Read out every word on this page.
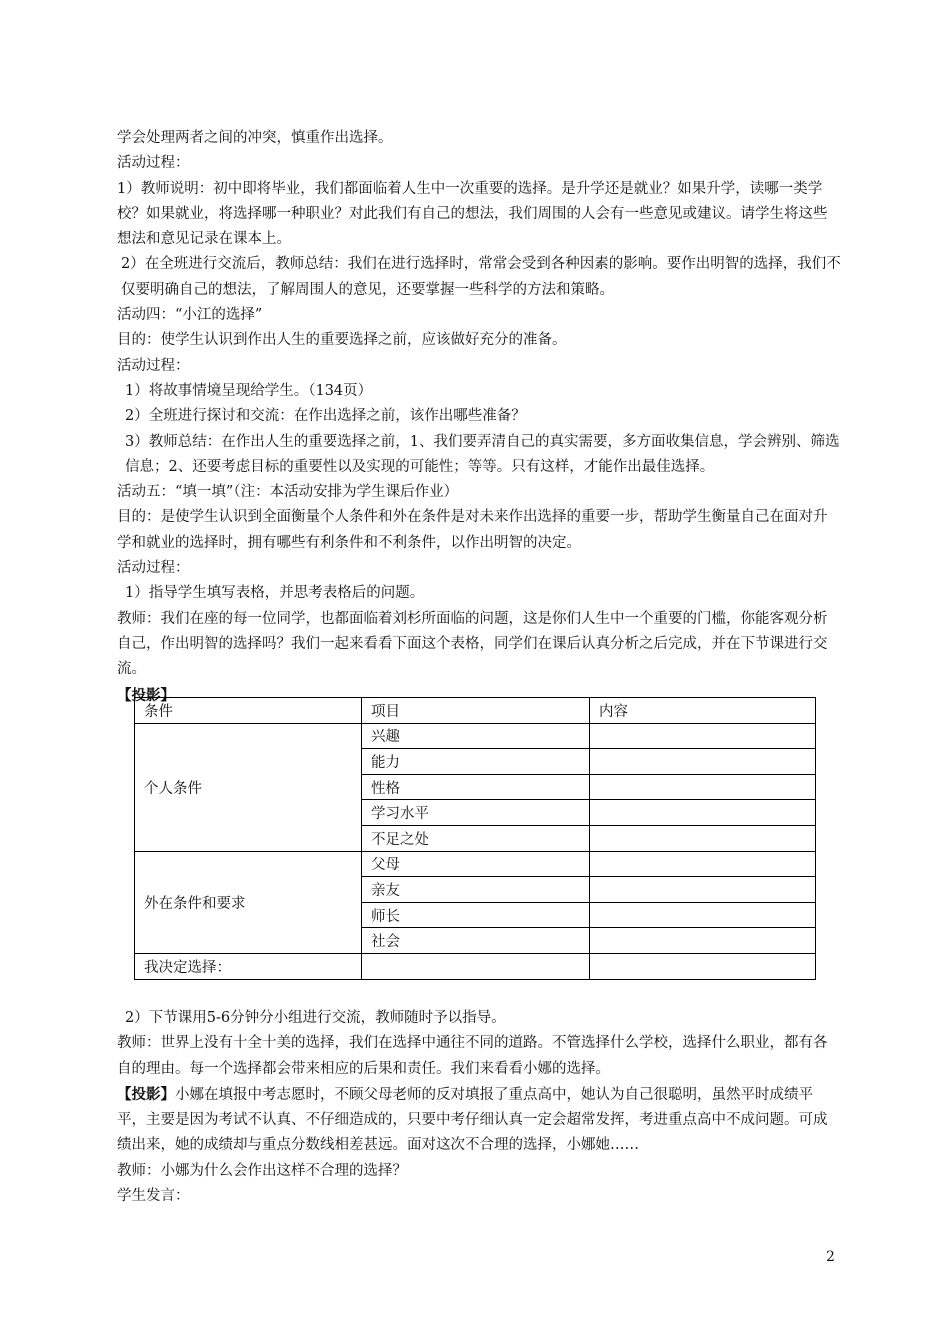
学会处理两者之间的冲突，慎重作出选择。

活动过程：

1）教师说明：初中即将毕业，我们都面临着人生中一次重要的选择。是升学还是就业？如果升学，读哪一类学校？如果就业，将选择哪一种职业？对此我们有自己的想法，我们周围的人会有一些意见或建议。请学生将这些想法和意见记录在课本上。

2）在全班进行交流后，教师总结：我们在进行选择时，常常会受到各种因素的影响。要作出明智的选择，我们不仅要明确自己的想法，了解周围人的意见，还要掌握一些科学的方法和策略。

活动四：“小江的选择”

目的：使学生认识到作出人生的重要选择之前，应该做好充分的准备。

活动过程：

1）将故事情境呈现给学生。（134页）

2）全班进行探讨和交流：在作出选择之前，该作出哪些准备？

3）教师总结：在作出人生的重要选择之前，1、我们要弄清自己的真实需要，多方面收集信息，学会辨别、筛选信息；2、还要考虑目标的重要性以及实现的可能性；等等。只有这样，才能作出最佳选择。

活动五：“填一填”（注：本活动安排为学生课后作业）

目的：是使学生认识到全面衡量个人条件和外在条件是对未来作出选择的重要一步，帮助学生衡量自己在面对升学和就业的选择时，拥有哪些有利条件和不利条件，以作出明智的决定。

活动过程：

1）指导学生填写表格，并思考表格后的问题。

教师：我们在座的每一位同学，也都面临着刘杉所面临的问题，这是你们人生中一个重要的门槛，你能客观分析自己，作出明智的选择吗？我们一起来看看下面这个表格，同学们在课后认真分析之后完成，并在下节课进行交流。

【投影】

条件	项目	内容
个人条件	兴趣	
	能力	
	性格	
	学习水平	
	不足之处	
外在条件和要求	父母	
	亲友	
	师长	
	社会	
我决定选择：		

2）下节课用5-6分钟分小组进行交流，教师随时予以指导。

教师：世界上没有十全十美的选择，我们在选择中通往不同的道路。不管选择什么学校，选择什么职业，都有各自的理由。每一个选择都会带来相应的后果和责任。我们来看看小娜的选择。

【投影】小娜在填报中考志愿时，不顾父母老师的反对填报了重点高中，她认为自己很聪明，虽然平时成绩平平，主要是因为考试不认真、不仔细造成的，只要中考仔细认真一定会超常发挥，考进重点高中不成问题。可成绩出来，她的成绩却与重点分数线相差甚远。面对这次不合理的选择，小娜她……

教师：小娜为什么会作出这样不合理的选择？

学生发言：

2
